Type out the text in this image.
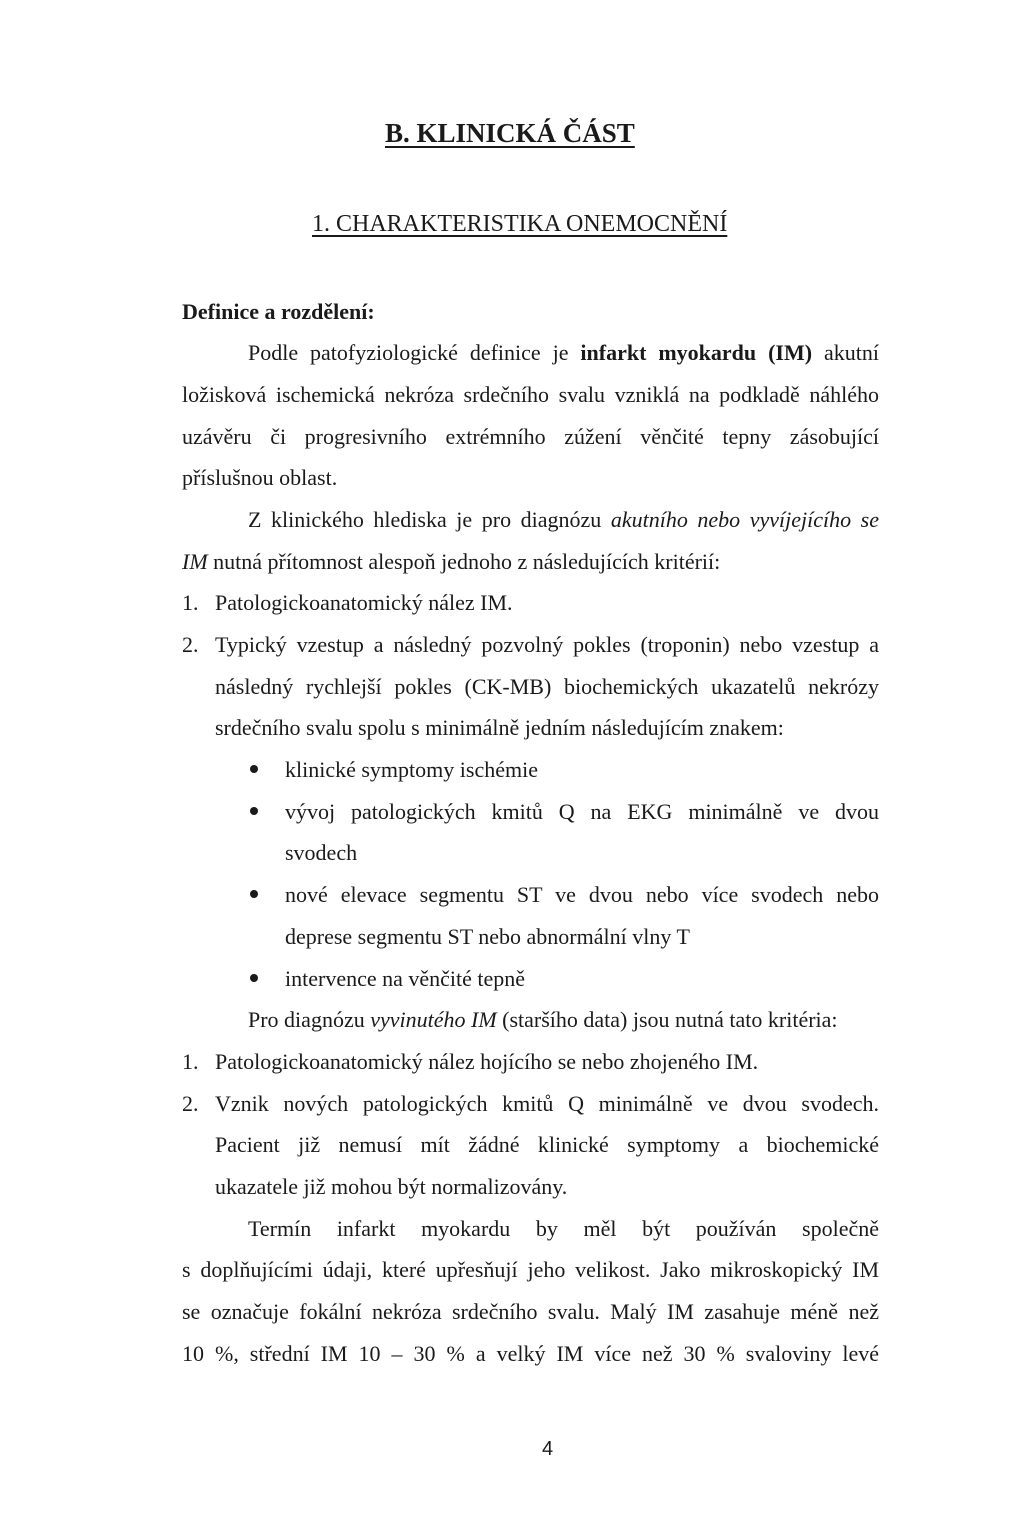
B. KLINICKÁ ČÁST
1. CHARAKTERISTIKA ONEMOCNĚNÍ
Definice a rozdělení:
Podle patofyziologické definice je infarkt myokardu (IM) akutní
ložisková ischemická nekróza srdečního svalu vzniklá na podkladě náhlého
uzávěru či progresivního extrémního zúžení věnčité tepny zásobující
příslušnou oblast.
Z klinického hlediska je pro diagnózu akutního nebo vyvíjejícího se
IM nutná přítomnost alespoň jednoho z následujících kritérií:
1. Patologickoanatomický nález IM.
2. Typický vzestup a následný pozvolný pokles (troponin) nebo vzestup a
následný rychlejší pokles (CK-MB) biochemických ukazatelů nekrózy
srdečního svalu spolu s minimálně jedním následujícím znakem:
klinické symptomy ischémie
vývoj patologických kmitů Q na EKG minimálně ve dvou
svodech
nové elevace segmentu ST ve dvou nebo více svodech nebo
deprese segmentu ST nebo abnormální vlny T
intervence na věnčité tepně
Pro diagnózu vyvinutého IM (staršího data) jsou nutná tato kritéria:
1. Patologickoanatomický nález hojícího se nebo zhojeného IM.
2. Vznik nových patologických kmitů Q minimálně ve dvou svodech.
Pacient již nemusí mít žádné klinické symptomy a biochemické
ukazatele již mohou být normalizovány.
Termín infarkt myokardu by měl být používán společně
s doplňujícími údaji, které upřesňují jeho velikost. Jako mikroskopický IM
se označuje fokální nekróza srdečního svalu. Malý IM zasahuje méně než
10 %, střední IM 10 – 30 % a velký IM více než 30 % svaloviny levé
4
